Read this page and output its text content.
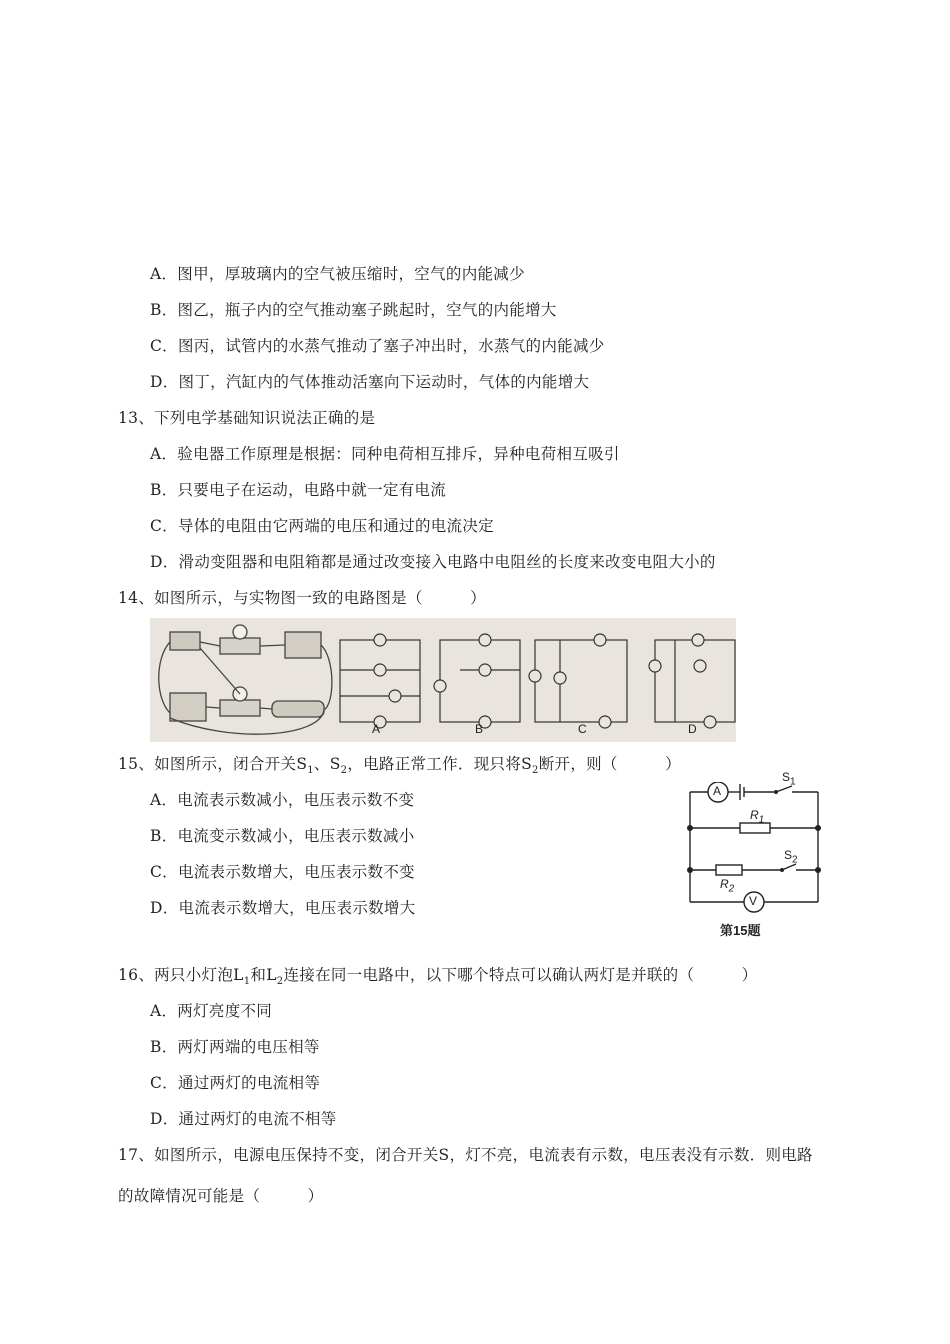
A．图甲，厚玻璃内的空气被压缩时，空气的内能减少
B．图乙，瓶子内的空气推动塞子跳起时，空气的内能增大
C．图丙，试管内的水蒸气推动了塞子冲出时，水蒸气的内能减少
D．图丁，汽缸内的气体推动活塞向下运动时，气体的内能增大
13、下列电学基础知识说法正确的是
A．验电器工作原理是根据：同种电荷相互排斥，异种电荷相互吸引
B．只要电子在运动，电路中就一定有电流
C．导体的电阻由它两端的电压和通过的电流决定
D．滑动变阻器和电阻箱都是通过改变接入电路中电阻丝的长度来改变电阻大小的
14、如图所示，与实物图一致的电路图是（　　　）
A	B	C	D
15、如图所示，闭合开关$S_1$、$S_2$，电路正常工作．现只将$S_2$断开，则（　　　）
A．电流表示数减小，电压表示数不变
B．电流变示数减小，电压表示数减小
C．电流表示数增大，电压表示数不变
D．电流表示数增大，电压表示数增大
A
V
$S_1$
$R_1$
$S_2$
$R_2$
第15题
16、两只小灯泡$L_1$和$L_2$连接在同一电路中，以下哪个特点可以确认两灯是并联的（　　　）
A．两灯亮度不同
B．两灯两端的电压相等
C．通过两灯的电流相等
D．通过两灯的电流不相等
17、如图所示，电源电压保持不变，闭合开关S，灯不亮，电流表有示数，电压表没有示数．则电路
的故障情况可能是（　　　）
